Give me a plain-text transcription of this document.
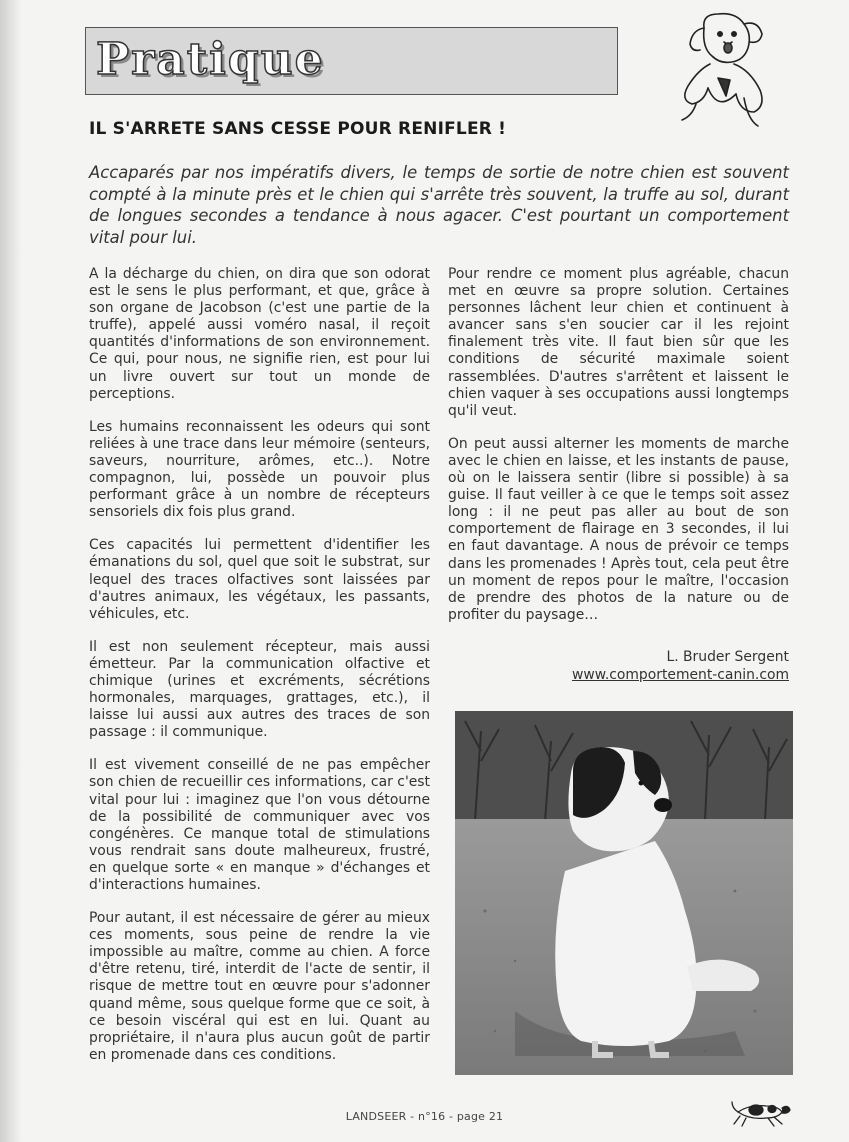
Pratique
IL S'ARRETE SANS CESSE POUR RENIFLER !

Accaparés par nos impératifs divers, le temps de sortie de notre chien est souvent compté à la minute près et le chien qui s'arrête très souvent, la truffe au sol, durant de longues secondes a tendance à nous agacer. C'est pourtant un comportement vital pour lui.

A la décharge du chien, on dira que son odorat est le sens le plus performant, et que, grâce à son organe de Jacobson (c'est une partie de la truffe), appelé aussi voméro nasal, il reçoit quantités d'informations de son environnement. Ce qui, pour nous, ne signifie rien, est pour lui un livre ouvert sur tout un monde de perceptions.

Les humains reconnaissent les odeurs qui sont reliées à une trace dans leur mémoire (senteurs, saveurs, nourriture, arômes, etc..). Notre compagnon, lui, possède un pouvoir plus performant grâce à un nombre de récepteurs sensoriels dix fois plus grand.

Ces capacités lui permettent d'identifier les émanations du sol, quel que soit le substrat, sur lequel des traces olfactives sont laissées par d'autres animaux, les végétaux, les passants, véhicules, etc.

Il est non seulement récepteur, mais aussi émetteur. Par la communication olfactive et chimique (urines et excréments, sécrétions hormonales, marquages, grattages, etc.), il laisse lui aussi aux autres des traces de son passage : il communique.

Il est vivement conseillé de ne pas empêcher son chien de recueillir ces informations, car c'est vital pour lui : imaginez que l'on vous détourne de la possibilité de communiquer avec vos congénères. Ce manque total de stimulations vous rendrait sans doute malheureux, frustré, en quelque sorte « en manque » d'échanges et d'interactions humaines.

Pour autant, il est nécessaire de gérer au mieux ces moments, sous peine de rendre la vie impossible au maître, comme au chien. A force d'être retenu, tiré, interdit de l'acte de sentir, il risque de mettre tout en œuvre pour s'adonner quand même, sous quelque forme que ce soit, à ce besoin viscéral qui est en lui. Quant au propriétaire, il n'aura plus aucun goût de partir en promenade dans ces conditions.

Pour rendre ce moment plus agréable, chacun met en œuvre sa propre solution. Certaines personnes lâchent leur chien et continuent à avancer sans s'en soucier car il les rejoint finalement très vite. Il faut bien sûr que les conditions de sécurité maximale soient rassemblées. D'autres s'arrêtent et laissent le chien vaquer à ses occupations aussi longtemps qu'il veut.

On peut aussi alterner les moments de marche avec le chien en laisse, et les instants de pause, où on le laissera sentir (libre si possible) à sa guise. Il faut veiller à ce que le temps soit assez long : il ne peut pas aller au bout de son comportement de flairage en 3 secondes, il lui en faut davantage. A nous de prévoir ce temps dans les promenades ! Après tout, cela peut être un moment de repos pour le maître, l'occasion de prendre des photos de la nature ou de profiter du paysage…

L. Bruder Sergent
www.comportement-canin.com
LANDSEER - n°16 - page 21
